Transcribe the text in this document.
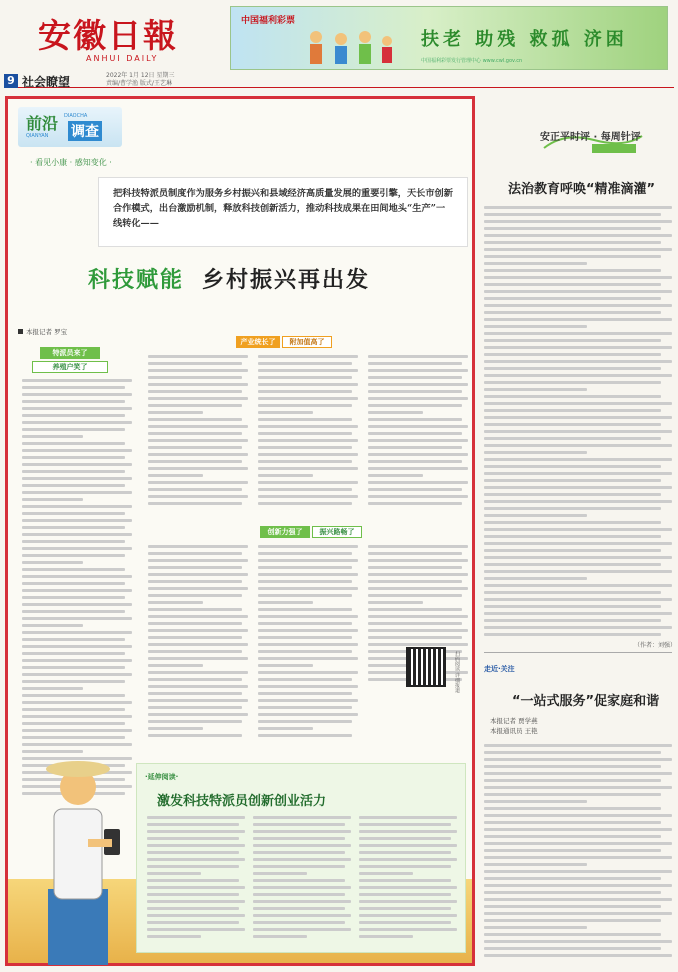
安徽日報
ANHUI DAILY
中国福利彩票
扶老 助残 救孤 济困
中国福利彩票发行管理中心 www.cwl.gov.cn
9 社会瞭望	2022年 1月 12日 星期三
责编/曹学渔 版式/王艺琳
前沿 DIAOCHA
调查
QIANYAN
· 看见小康 · 感知变化 ·
把科技特派员制度作为服务乡村振兴和县域经济高质量发展的重要引擎，天长市创新合作模式，出台激励机制，释放科技创新活力，推动科技成果在田间地头“生产”一线转化——
科技赋能 乡村振兴再出发
本报记者 罗宝
特派员来了
养殖户笑了
产业统长了	附加值高了
创新力强了	振兴路畅了
扫码阅读 详细报道
·延伸阅读·
激发科技特派员创新创业活力
安正平时评 · 每周针评
法治教育呼唤“精准滴灌”
（作者：刘强）
走近·关注
“一站式服务”促家庭和谐
本报记者 贾学燕
本报通讯员 王艳
